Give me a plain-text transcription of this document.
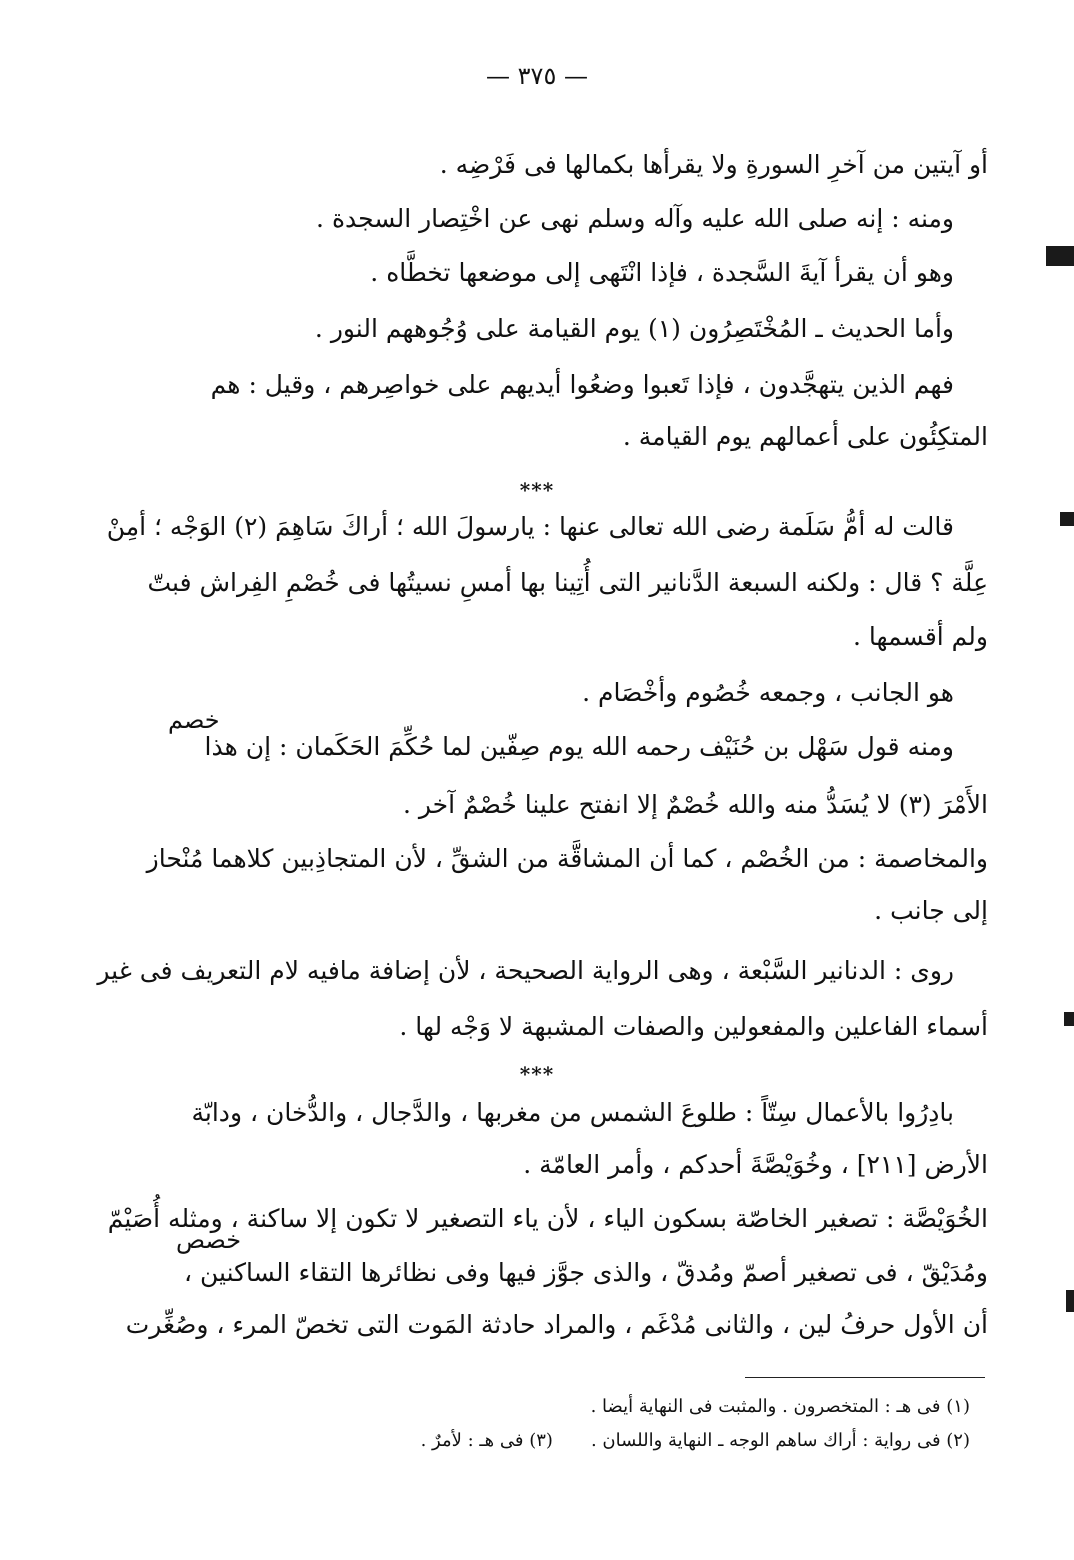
— ٣٧٥ —
أو آيتين من آخرِ السورةِ ولا يقرأها بكمالها فى فَرْضِه .
ومنه : إنه صلى الله عليه وآله وسلم نهى عن اخْتِصار السجدة .
وهو أن يقرأ آيةَ السَّجدة ، فإذا انْتَهى إلى موضعها تخطَّاه .
وأما الحديث ـ المُخْتَصِرُون (١) يوم القيامة على وُجُوههم النور .
فهم الذين يتهجَّدون ، فإذا تَعبوا وضعُوا أيديهم على خواصِرهم ، وقيل : هم
المتكِئُون على أعمالهم يوم القيامة .
***
قالت له أمُّ سَلَمة رضى الله تعالى عنها : يارسولَ الله ؛ أراكَ سَاهِمَ (٢) الوَجْه ؛ أمِنْ
عِلَّة ؟ قال : ولكنه السبعة الدَّنانير التى أُتِينا بها أمسِ نسيتُها فى خُصْمِ الفِراش فبتّ
ولم أقسمها .
هو الجانب ، وجمعه خُصُوم وأخْصَام .
ومنه قول سَهْل بن حُنَيْف رحمه الله يوم صِفّين لما حُكِّمَ الحَكَمان : إن هذا
الأَمْرَ (٣) لا يُسَدُّ منه والله خُصْمٌ إلا انفتح علينا خُصْمٌ آخر .
والمخاصمة : من الخُصْم ، كما أن المشاقَّة من الشقِّ ، لأن المتجاذِبين كلاهما مُنْحاز
إلى جانب .
روى : الدنانير السَّبْعة ، وهى الرواية الصحيحة ، لأن إضافة مافيه لام التعريف فى غير
أسماء الفاعلين والمفعولين والصفات المشبهة لا وَجْه لها .
***
بادِرُوا بالأعمال سِتّاً : طلوعَ الشمس من مغربها ، والدَّجال ، والدُّخان ، ودابّة
الأرض [٢١١] ، وخُوَيْصَّةَ أحدكم ، وأمر العامّة .
الخُوَيْصَّة : تصغير الخاصّة بسكون الياء ، لأن ياء التصغير لا تكون إلا ساكنة ، ومثله أُصَيْمّ
ومُدَيْقّ ، فى تصغير أصمّ ومُدقّ ، والذى جوَّز فيها وفى نظائرها التقاء الساكنين ،
أن الأول حرفُ لين ، والثانى مُدْغَم ، والمراد حادثة المَوت التى تخصّ المرء ، وصُغِّرت
خصم
خصص
(١) فى هـ : المتخصرون . والمثبت فى النهاية أيضا .
(٢) فى رواية : أراك ساهم الوجه ـ النهاية واللسان .(٣) فى هـ : لأمرٌ .
